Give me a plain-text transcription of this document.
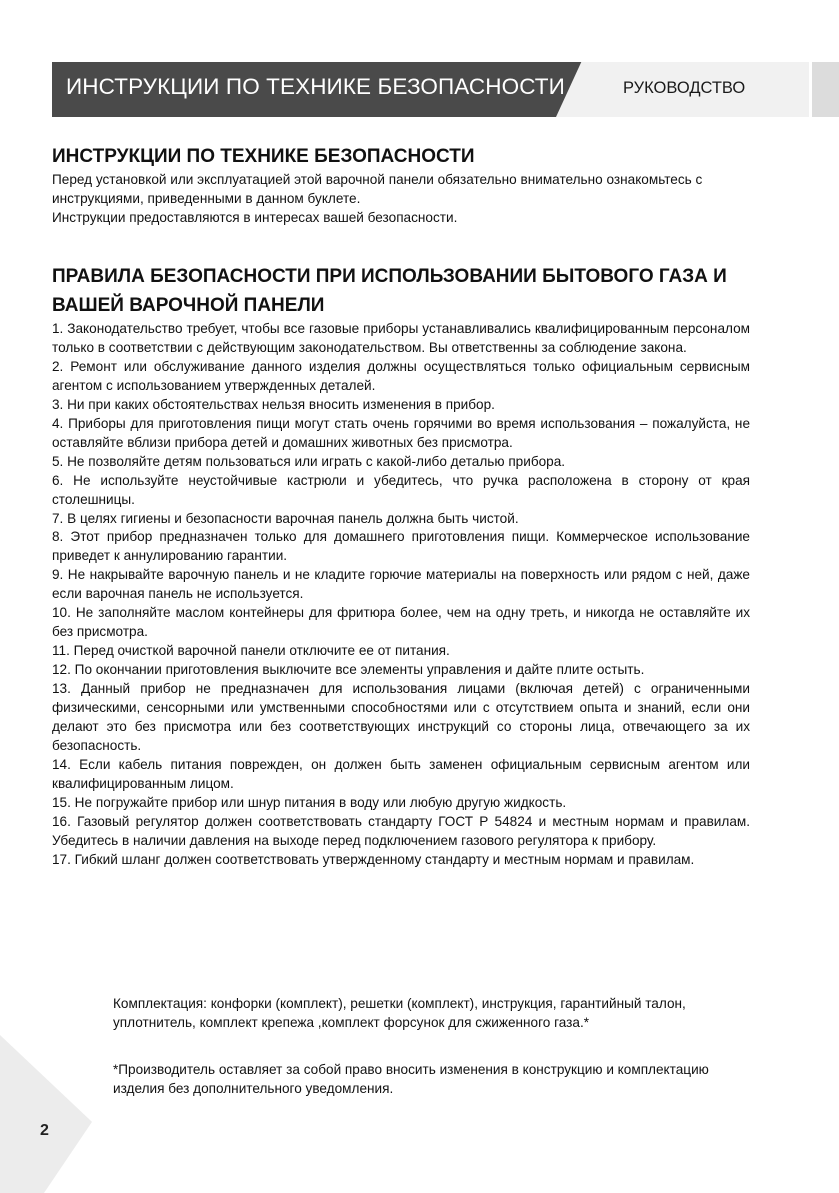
ИНСТРУКЦИИ ПО ТЕХНИКЕ БЕЗОПАСНОСТИ	РУКОВОДСТВО
ИНСТРУКЦИИ ПО ТЕХНИКЕ БЕЗОПАСНОСТИ

Перед установкой или эксплуатацией этой варочной панели обязательно внимательно ознакомьтесь с инструкциями, приведенными в данном буклете.

Инструкции предоставляются в интересах вашей безопасности.

ПРАВИЛА БЕЗОПАСНОСТИ ПРИ ИСПОЛЬЗОВАНИИ БЫТОВОГО ГАЗА И ВАШЕЙ ВАРОЧНОЙ ПАНЕЛИ
1. Законодательство требует, чтобы все газовые приборы устанавливались квалифицированным персоналом только в соответствии с действующим законодательством. Вы ответственны за соблюдение закона.
2. Ремонт или обслуживание данного изделия должны осуществляться только официальным сервисным агентом с использованием утвержденных деталей.
3. Ни при каких обстоятельствах нельзя вносить изменения в прибор.
4. Приборы для приготовления пищи могут стать очень горячими во время использования – пожалуйста, не оставляйте вблизи прибора детей и домашних животных без присмотра.
5. Не позволяйте детям пользоваться или играть с какой-либо деталью прибора.
6. Не используйте неустойчивые кастрюли и убедитесь, что ручка расположена в сторону от края столешницы.
7. В целях гигиены и безопасности варочная панель должна быть чистой.
8. Этот прибор предназначен только для домашнего приготовления пищи. Коммерческое использование приведет к аннулированию гарантии.
9. Не накрывайте варочную панель и не кладите горючие материалы на поверхность или рядом с ней, даже если варочная панель не используется.
10. Не заполняйте маслом контейнеры для фритюра более, чем на одну треть, и никогда не оставляйте их без присмотра.
11. Перед очисткой варочной панели отключите ее от питания.
12. По окончании приготовления выключите все элементы управления и дайте плите остыть.
13. Данный прибор не предназначен для использования лицами (включая детей) с ограниченными физическими, сенсорными или умственными способностями или с отсутствием опыта и знаний, если они делают это без присмотра или без соответствующих инструкций со стороны лица, отвечающего за их безопасность.
14. Если кабель питания поврежден, он должен быть заменен официальным сервисным агентом или квалифицированным лицом.
15. Не погружайте прибор или шнур питания в воду или любую другую жидкость.
16. Газовый регулятор должен соответствовать стандарту ГОСТ Р 54824 и местным нормам и правилам. Убедитесь в наличии давления на выходе перед подключением газового регулятора к прибору.
17. Гибкий шланг должен соответствовать утвержденному стандарту и местным нормам и правилам.

Комплектация: конфорки (комплект), решетки (комплект), инструкция, гарантийный талон, уплотнитель, комплект крепежа ,комплект форсунок для сжиженного газа.*

*Производитель оставляет за собой право вносить изменения в конструкцию и комплектацию изделия без дополнительного уведомления.

2
